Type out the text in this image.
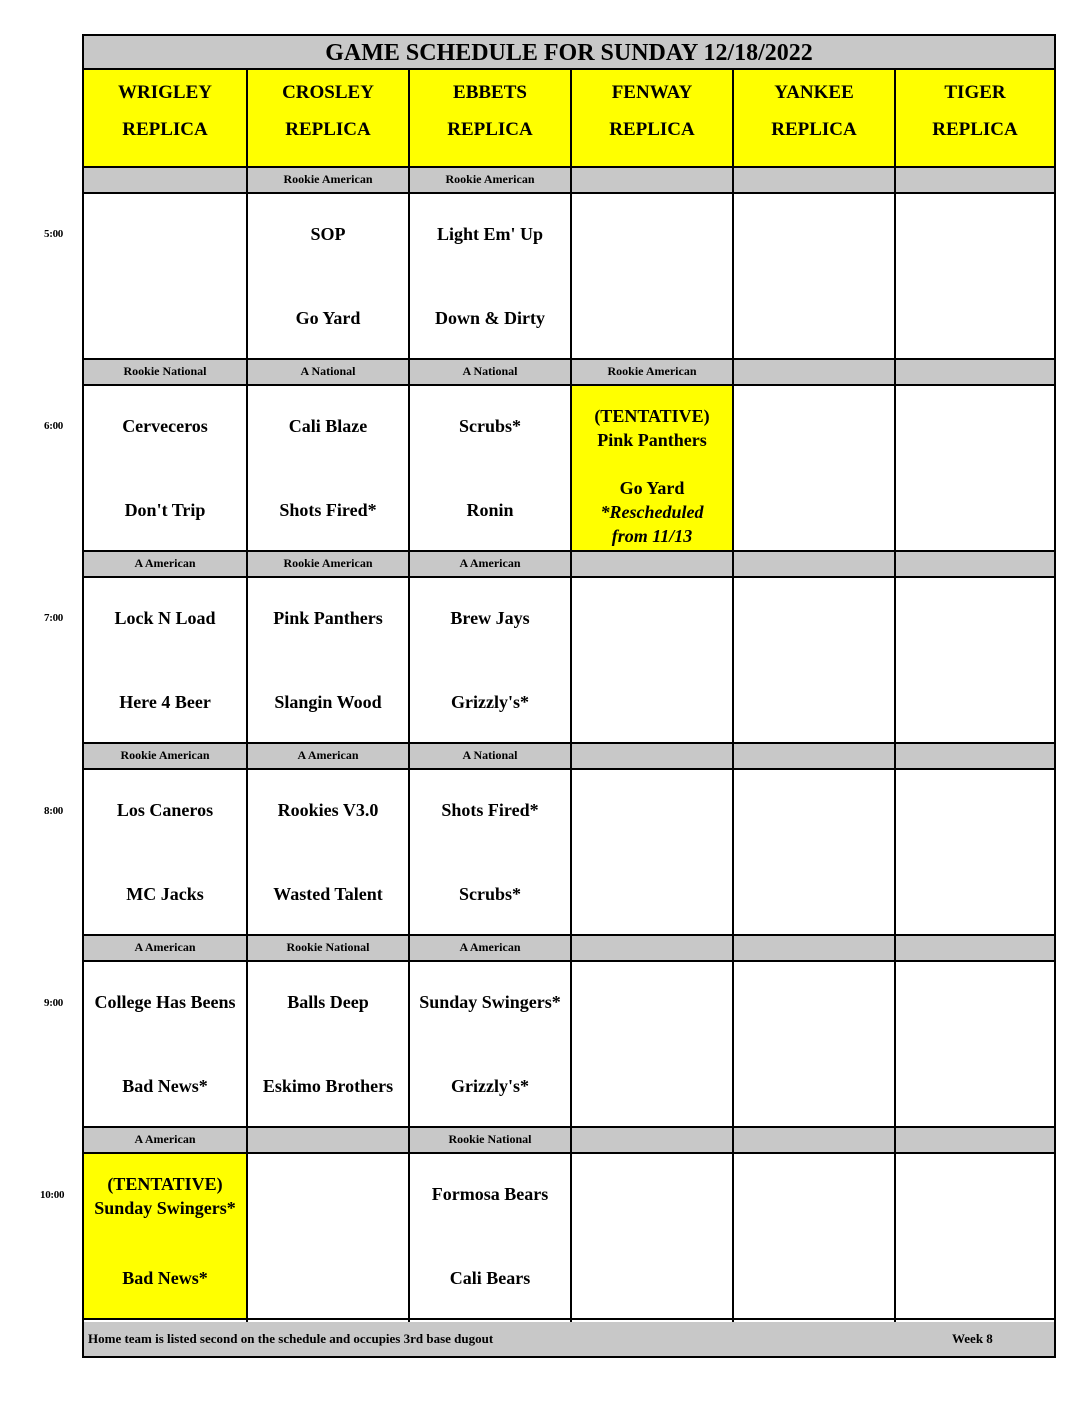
5:00
6:00
7:00
8:00
9:00
10:00
GAME SCHEDULE FOR SUNDAY 12/18/2022
WRIGLEY
REPLICA
Rookie National
Cerveceros
Don't Trip
A American
Lock N Load
Here 4 Beer
Rookie American
Los Caneros
MC Jacks
A American
College Has Beens
Bad News*
A American
(TENTATIVE)
Sunday Swingers*
Bad News*
CROSLEY
REPLICA
Rookie American
SOP
Go Yard
A National
Cali Blaze
Shots Fired*
Rookie American
Pink Panthers
Slangin Wood
A American
Rookies V3.0
Wasted Talent
Rookie National
Balls Deep
Eskimo Brothers
EBBETS
REPLICA
Rookie American
Light Em' Up
Down & Dirty
A National
Scrubs*
Ronin
A American
Brew Jays
Grizzly's*
A National
Shots Fired*
Scrubs*
A American
Sunday Swingers*
Grizzly's*
Rookie National
Formosa Bears
Cali Bears
FENWAY
REPLICA
Rookie American
(TENTATIVE)
Pink Panthers
Go Yard
*Rescheduled
from 11/13
YANKEE
REPLICA
TIGER
REPLICA
Home team is listed second on the schedule and occupies 3rd base dugout	Week 8
